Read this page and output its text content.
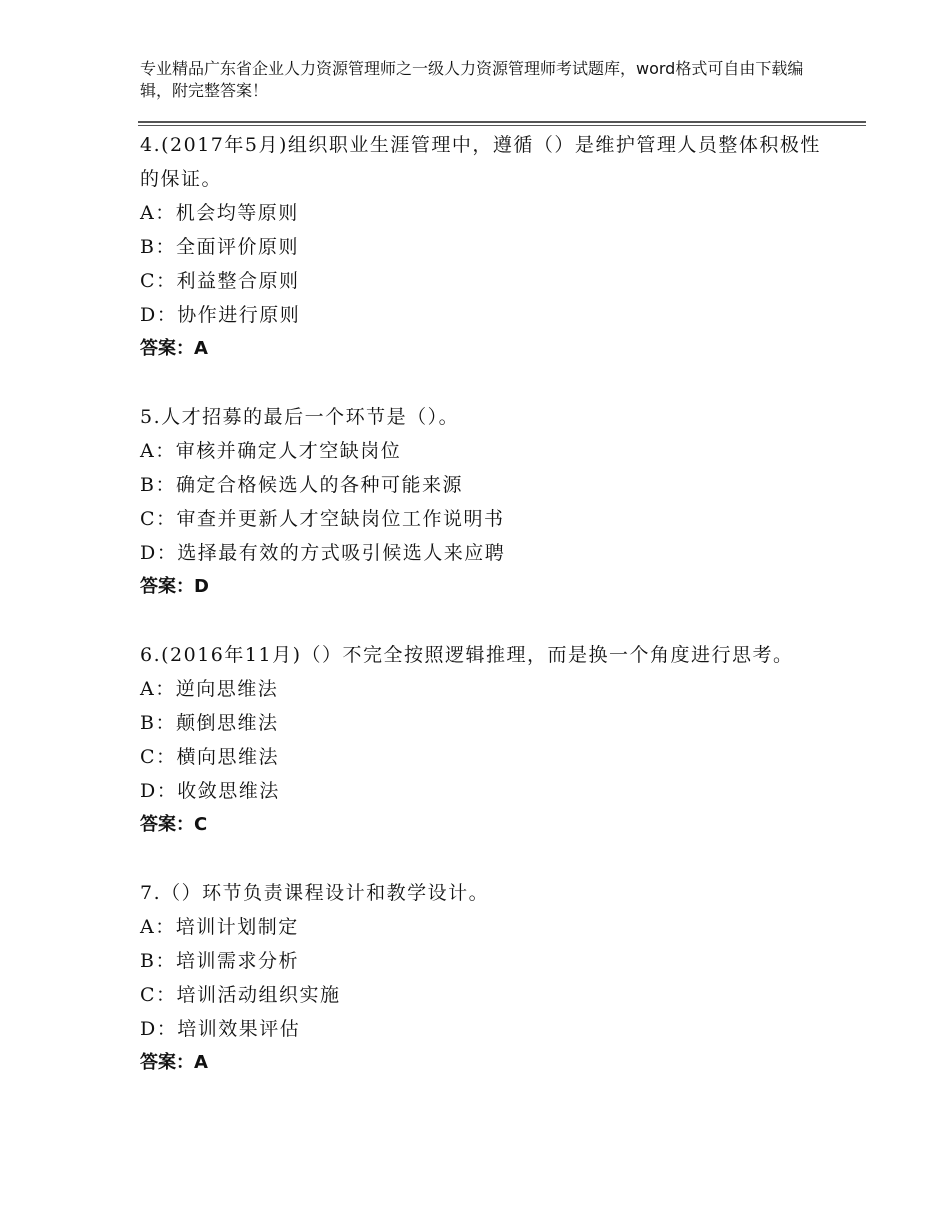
专业精品广东省企业人力资源管理师之一级人力资源管理师考试题库，word格式可自由下载编辑，附完整答案！

4.(2017年5月)组织职业生涯管理中，遵循（）是维护管理人员整体积极性的保证。

A：机会均等原则

B：全面评价原则

C：利益整合原则

D：协作进行原则

答案：A

5.人才招募的最后一个环节是（）。

A：审核并确定人才空缺岗位

B：确定合格候选人的各种可能来源

C：审查并更新人才空缺岗位工作说明书

D：选择最有效的方式吸引候选人来应聘

答案：D

6.(2016年11月)（）不完全按照逻辑推理，而是换一个角度进行思考。

A：逆向思维法

B：颠倒思维法

C：横向思维法

D：收敛思维法

答案：C

7.（）环节负责课程设计和教学设计。

A：培训计划制定

B：培训需求分析

C：培训活动组织实施

D：培训效果评估

答案：A
